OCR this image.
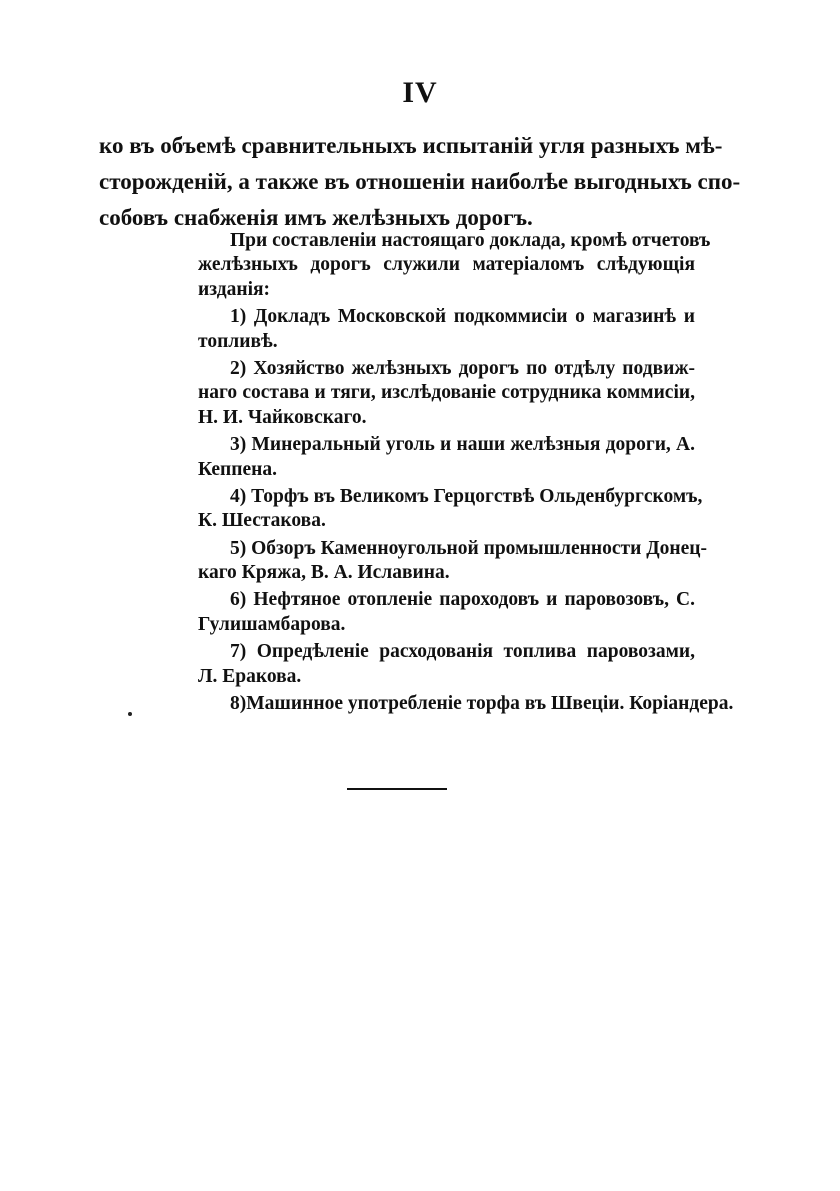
IV
ко въ объемѣ сравнительныхъ испытаній угля разныхъ мѣ-
сторожденій, а также въ отношеніи наиболѣе выгодныхъ спо-
собовъ снабженія имъ желѣзныхъ дорогъ.
При составленіи настоящаго доклада, кромѣ отчетовъ
желѣзныхъ дорогъ служили матеріаломъ слѣдующія
изданія:
1) Докладъ Московской подкоммисіи о магазинѣ и
топливѣ.
2) Хозяйство желѣзныхъ дорогъ по отдѣлу подвиж-
наго состава и тяги, изслѣдованіе сотрудника коммисіи,
Н. И. Чайковскаго.
3) Минеральный уголь и наши желѣзныя дороги, А.
Кеппена.
4) Торфъ въ Великомъ Герцогствѣ Ольденбургскомъ,
К. Шестакова.
5) Обзоръ Каменноугольной промышленности Донец-
каго Кряжа, В. А. Иславина.
6) Нефтяное отопленіе пароходовъ и паровозовъ, С.
Гулишамбарова.
7) Опредѣленіе расходованія топлива паровозами,
Л. Еракова.
8)Машинное употребленіе торфа въ Швеціи. Коріандера.
